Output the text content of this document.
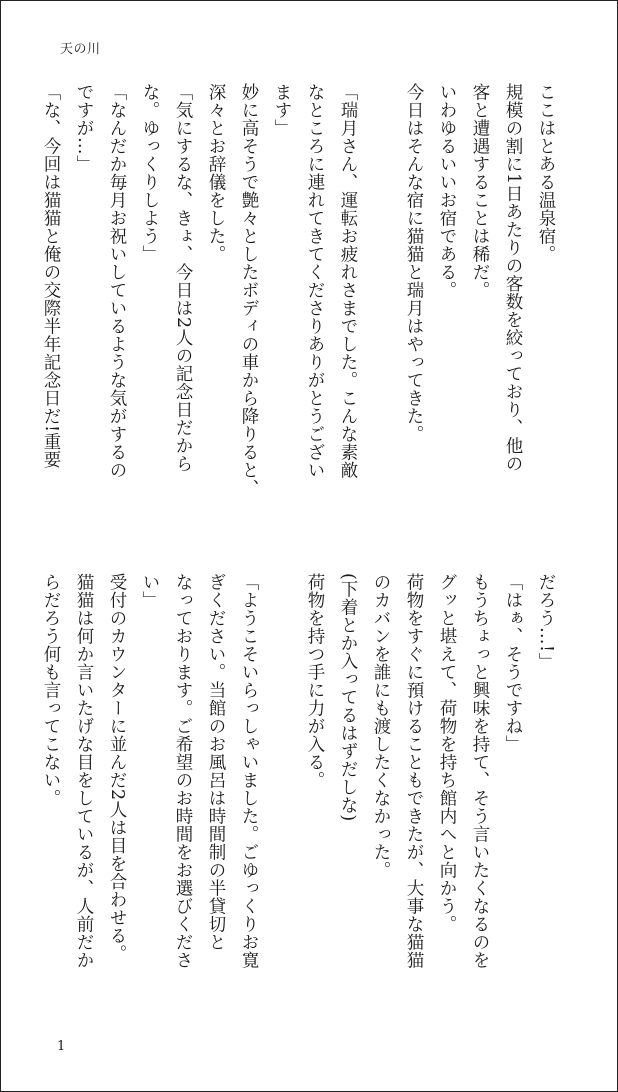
天の川
ここはとある温泉宿。
規模の割に1日あたりの客数を絞っており、他の
客と遭遇することは稀だ。
いわゆるいいお宿である。
今日はそんな宿に猫猫と瑞月はやってきた。

「瑞月さん、運転お疲れさまでした。こんな素敵
なところに連れてきてくださりありがとうござい
ます」
妙に高そうで艶々としたボディの車から降りると、
深々とお辞儀をした。
「気にするな、きょ、今日は2人の記念日だから
な。ゆっくりしよう」
「なんだか毎月お祝いしているような気がするの
ですが…」
「な、今回は猫猫と俺の交際半年記念日だ!重要
だろう…!」
「はぁ、そうですね」
もうちょっと興味を持て、そう言いたくなるのを
グッと堪えて、荷物を持ち館内へと向かう。
荷物をすぐに預けることもできたが、大事な猫猫
のカバンを誰にも渡したくなかった。
(下着とか入ってるはずだしな)
荷物を持つ手に力が入る。

「ようこそいらっしゃいました。ごゆっくりお寛
ぎください。当館のお風呂は時間制の半貸切と
なっております。ご希望のお時間をお選びくださ
い」
受付のカウンターに並んだ2人は目を合わせる。
猫猫は何か言いたげな目をしているが、人前だか
らだろう何も言ってこない。
1
